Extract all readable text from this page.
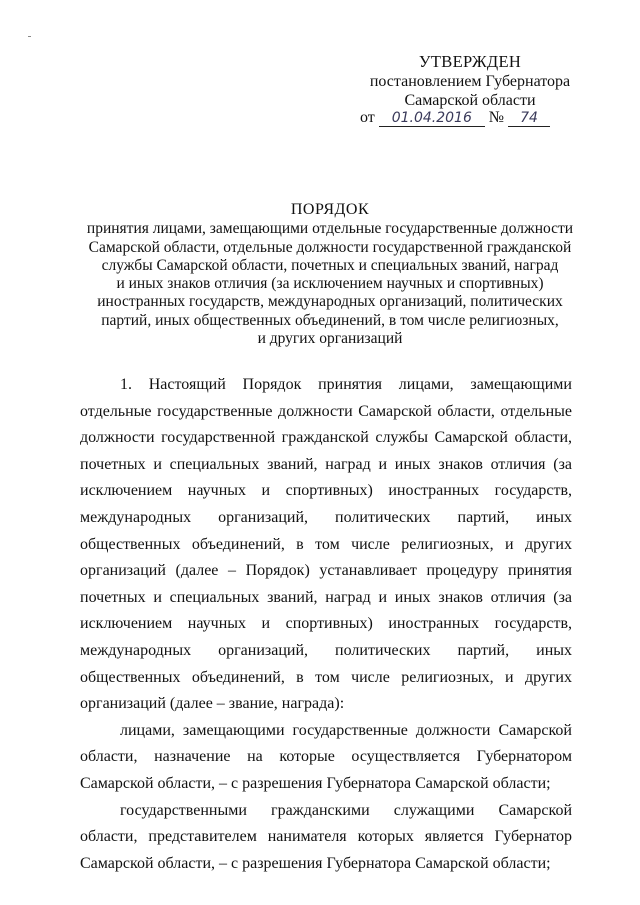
УТВЕРЖДЕН
постановлением Губернатора
Самарской области
от 01.04.2016 № 74
ПОРЯДОК
принятия лицами, замещающими отдельные государственные должности
Самарской области, отдельные должности государственной гражданской
службы Самарской области, почетных и специальных званий, наград
и иных знаков отличия (за исключением научных и спортивных)
иностранных государств, международных организаций, политических
партий, иных общественных объединений, в том числе религиозных,
и других организаций

1. Настоящий Порядок принятия лицами, замещающими отдельные государственные должности Самарской области, отдельные должности государственной гражданской службы Самарской области, почетных и специальных званий, наград и иных знаков отличия (за исключением научных и спортивных) иностранных государств, международных организаций, политических партий, иных общественных объединений, в том числе религиозных, и других организаций (далее – Порядок) устанавливает процедуру принятия почетных и специальных званий, наград и иных знаков отличия (за исключением научных и спортивных) иностранных государств, международных организаций, политических партий, иных общественных объединений, в том числе религиозных, и других организаций (далее – звание, награда):

лицами, замещающими государственные должности Самарской области, назначение на которые осуществляется Губернатором Самарской области, – с разрешения Губернатора Самарской области;

государственными гражданскими служащими Самарской области, представителем нанимателя которых является Губернатор Самарской области, – с разрешения Губернатора Самарской области;
